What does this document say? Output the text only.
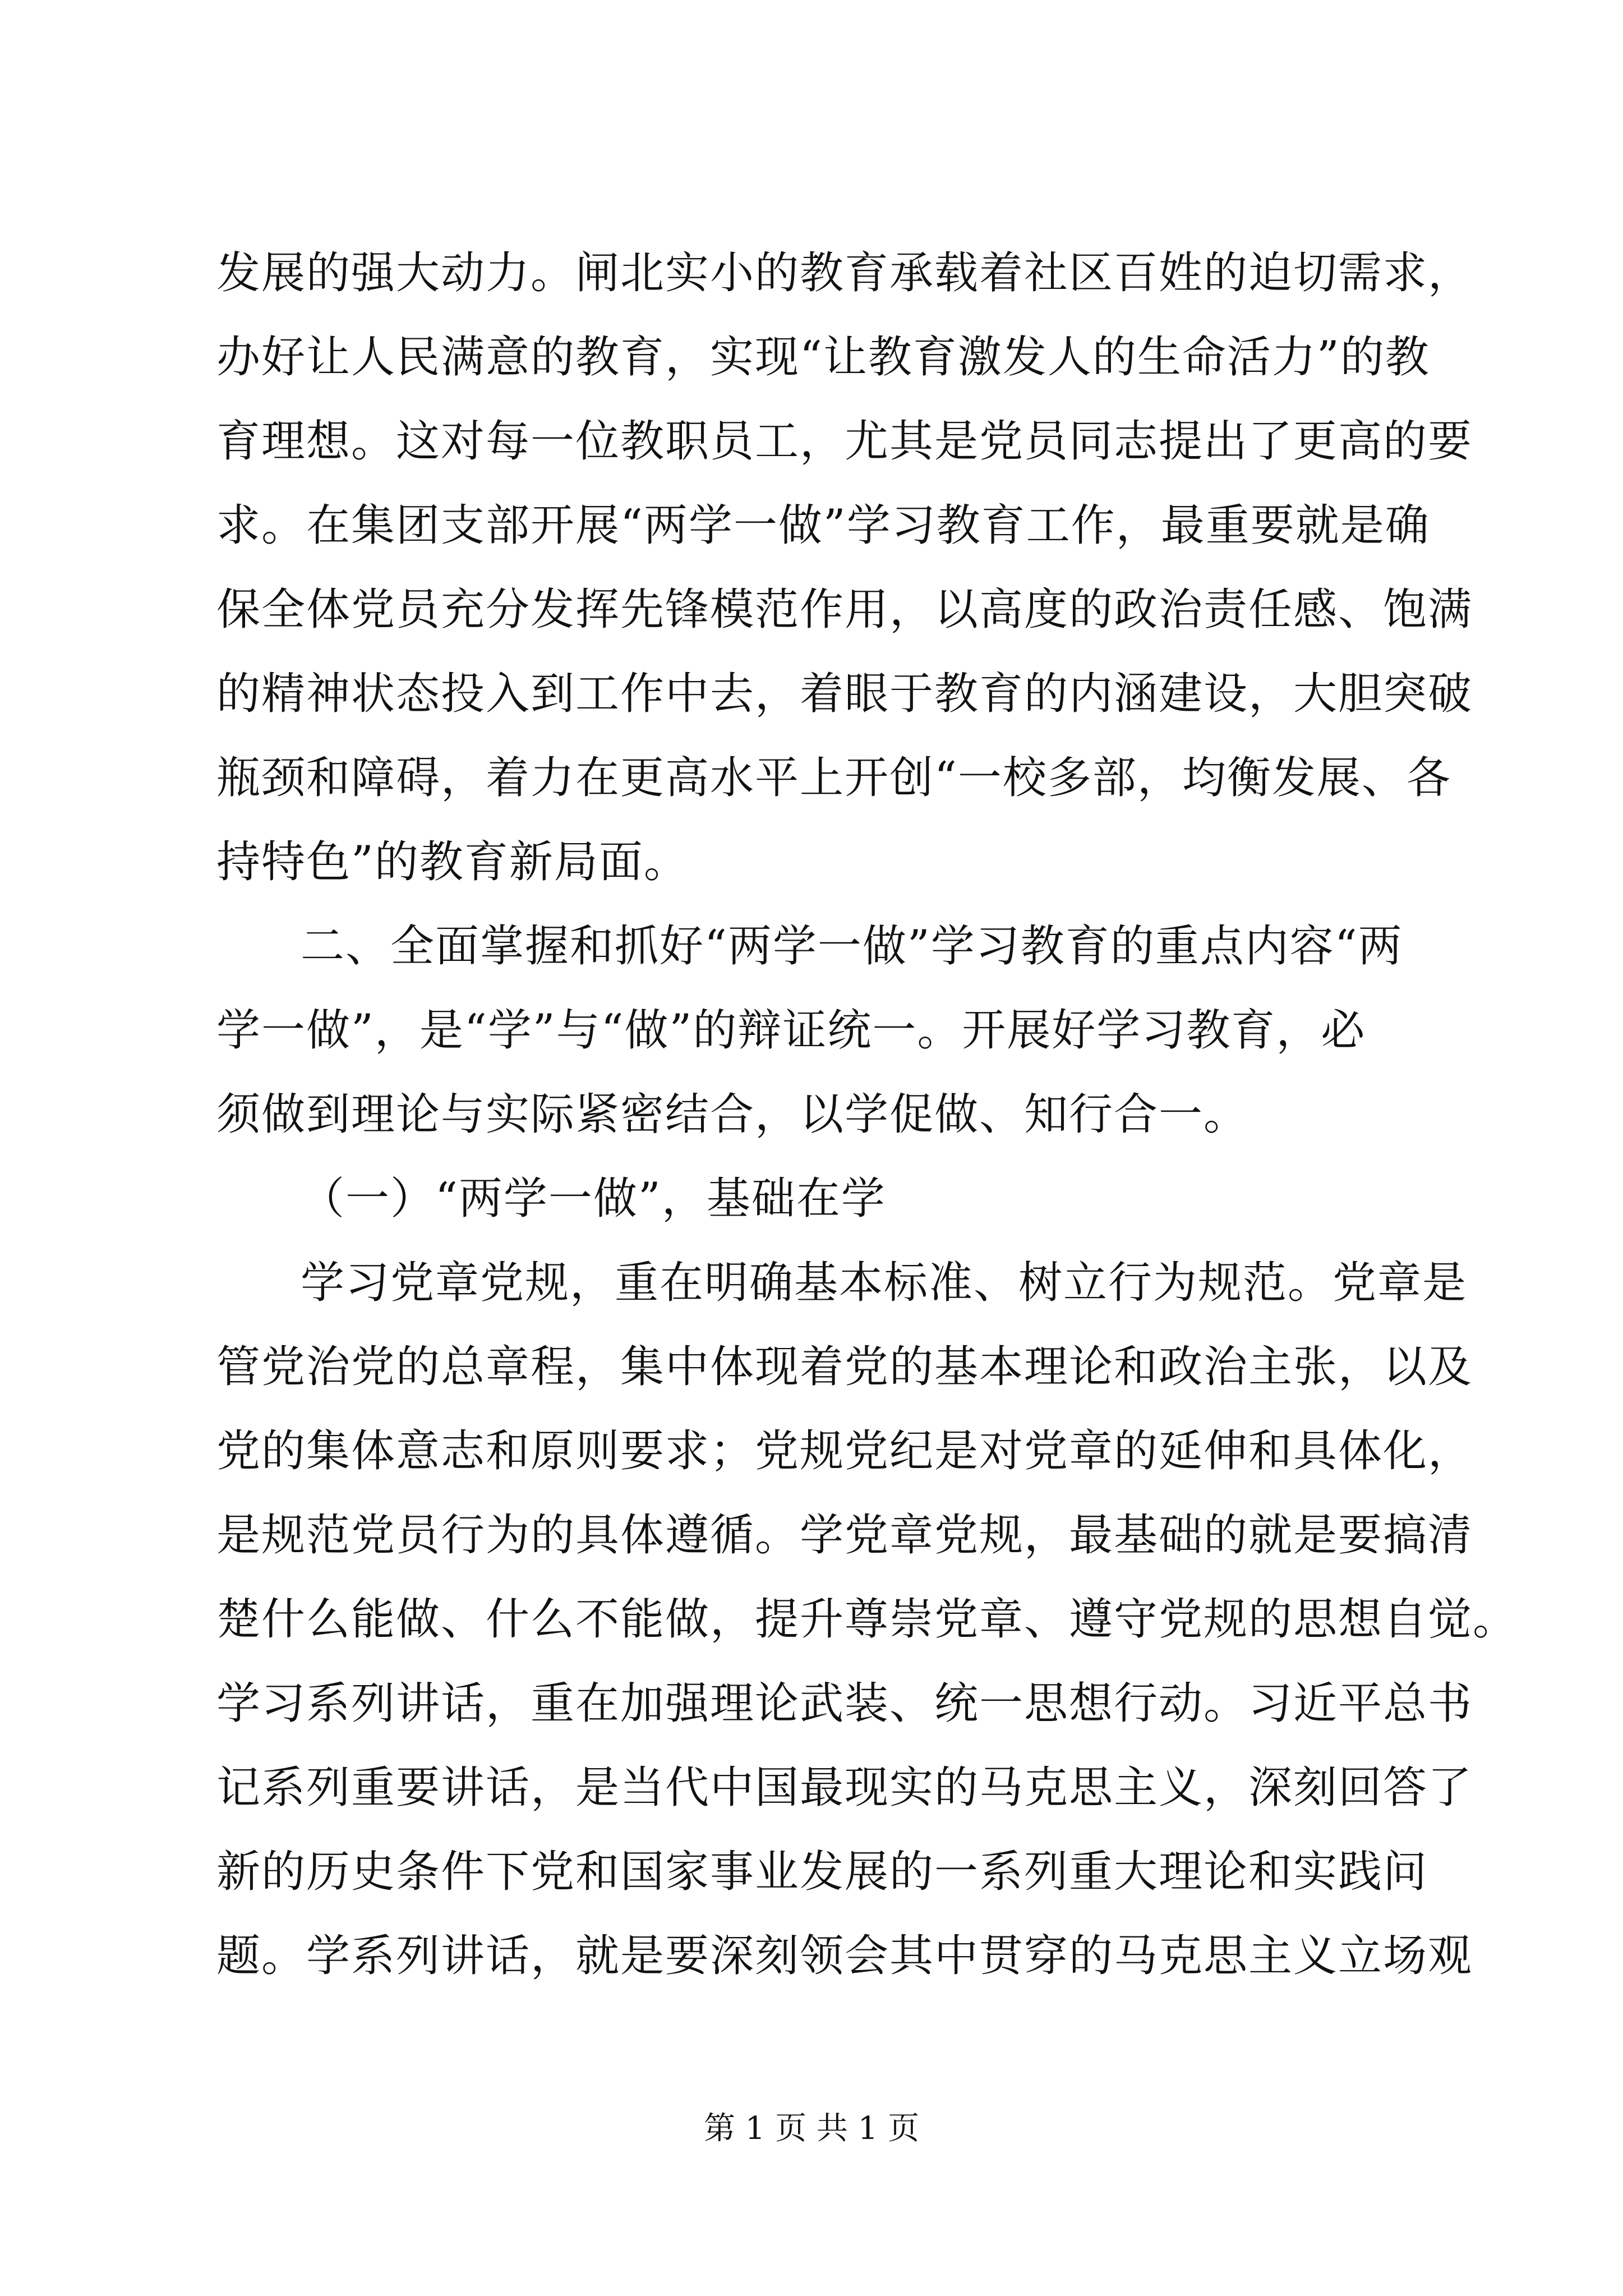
发展的强大动力。闸北实小的教育承载着社区百姓的迫切需求，
办好让人民满意的教育，实现“让教育激发人的生命活力”的教
育理想。这对每一位教职员工，尤其是党员同志提出了更高的要
求。在集团支部开展“两学一做”学习教育工作，最重要就是确
保全体党员充分发挥先锋模范作用，以高度的政治责任感、饱满
的精神状态投入到工作中去，着眼于教育的内涵建设，大胆突破
瓶颈和障碍，着力在更高水平上开创“一校多部，均衡发展、各
持特色”的教育新局面。
二、全面掌握和抓好“两学一做”学习教育的重点内容“两
学一做”，是“学”与“做”的辩证统一。开展好学习教育，必
须做到理论与实际紧密结合，以学促做、知行合一。
（一）“两学一做”，基础在学
学习党章党规，重在明确基本标准、树立行为规范。党章是
管党治党的总章程，集中体现着党的基本理论和政治主张，以及
党的集体意志和原则要求；党规党纪是对党章的延伸和具体化，
是规范党员行为的具体遵循。学党章党规，最基础的就是要搞清
楚什么能做、什么不能做，提升尊崇党章、遵守党规的思想自觉。
学习系列讲话，重在加强理论武装、统一思想行动。习近平总书
记系列重要讲话，是当代中国最现实的马克思主义，深刻回答了
新的历史条件下党和国家事业发展的一系列重大理论和实践问
题。学系列讲话，就是要深刻领会其中贯穿的马克思主义立场观
第 1 页 共 1 页
